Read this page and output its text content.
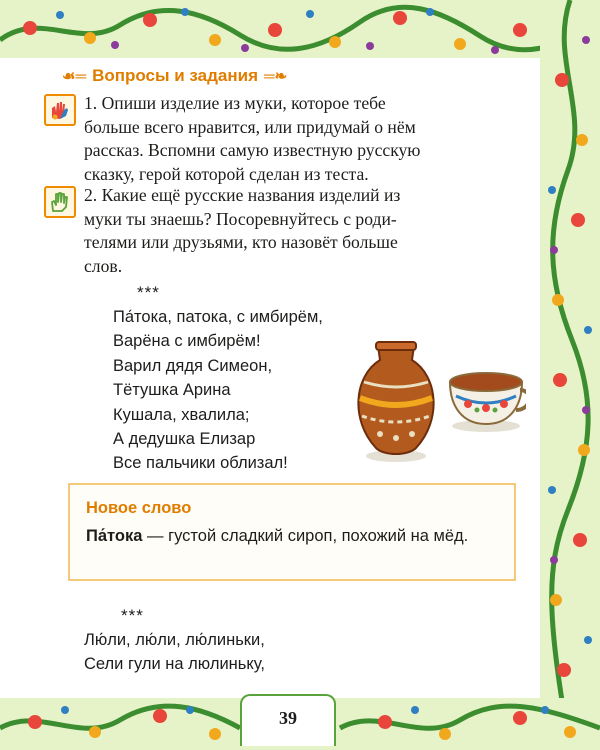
☙═ Вопросы и задания ═❧
1. Опиши изделие из муки, которое тебе
больше всего нравится, или придумай о нём
рассказ. Вспомни самую известную русскую
сказку, герой которой сделан из теста.
2. Какие ещё русские названия изделий из
муки ты знаешь? Посоревнуйтесь с роди-
телями или друзьями, кто назовёт больше
слов.
***
Па́тока, патока, с имбирём,
Варёна с имбирём!
Варил дядя Симеон,
Тётушка Арина
Кушала, хвалила;
А дедушка Елизар
Все пальчики облизал!
Новое слово
Па́тока — густой сладкий сироп, похожий на мёд.
***
Лю́ли, лю́ли, лю́линьки,
Сели гули на люлиньку,
39
